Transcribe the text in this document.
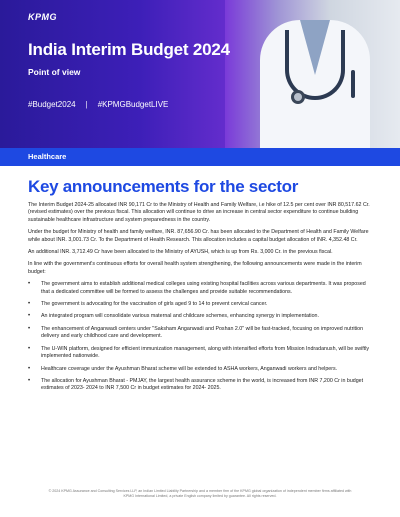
KPMG
India Interim Budget 2024
Point of view
#Budget2024 | #KPMGBudgetLIVE
Healthcare
Key announcements for the sector

The Interim Budget 2024-25 allocated INR 90,171 Cr to the Ministry of Health and Family Welfare, i.e hike of 12.5 per cent over INR 80,517.62 Cr. (revised estimates) over the previous fiscal. This allocation will continue to drive an increase in central sector expenditure to continue building sustainable healthcare infrastructure and system preparedness in the country.

Under the budget for Ministry of health and family welfare, INR. 87,656.90 Cr. has been allocated to the Department of Health and Family Welfare while about INR. 3,001.73 Cr. To the Department of Health Research. This allocation includes a capital budget allocation of INR. 4,352.48 Cr.

An additional INR. 3,712.49 Cr have been allocated to the Ministry of AYUSH, which is up from Rs. 3,000 Cr. in the previous fiscal.

In line with the government's continuous efforts for overall health system strengthening, the following announcements were made in the interim budget:

• The government aims to establish additional medical colleges using existing hospital facilities across various departments. It was proposed that a dedicated committee will be formed to assess the challenges and provide suitable recommendations.
• The government is advocating for the vaccination of girls aged 9 to 14 to prevent cervical cancer.
• An integrated program will consolidate various maternal and childcare schemes, enhancing synergy in implementation.
• The enhancement of Anganwadi centers under "Saksham Anganwadi and Poshan 2.0" will be fast-tracked, focusing on improved nutrition delivery and early childhood care and development.
• The U-WIN platform, designed for efficient immunization management, along with intensified efforts from Mission Indradanush, will be swiftly implemented nationwide.
• Healthcare coverage under the Ayushman Bharat scheme will be extended to ASHA workers, Anganwadi workers and helpers.
• The allocation for Ayushman Bharat - PMJAY, the largest health assurance scheme in the world, is increased from INR 7,200 Cr in budget estimates of 2023- 2024 to INR 7,500 Cr in budget estimates for 2024- 2025.
© 2024 KPMG Assurance and Consulting Services LLP, an Indian Limited Liability Partnership and a member firm of the KPMG global organization of independent member firms affiliated with
KPMG International Limited, a private English company limited by guarantee. All rights reserved.
